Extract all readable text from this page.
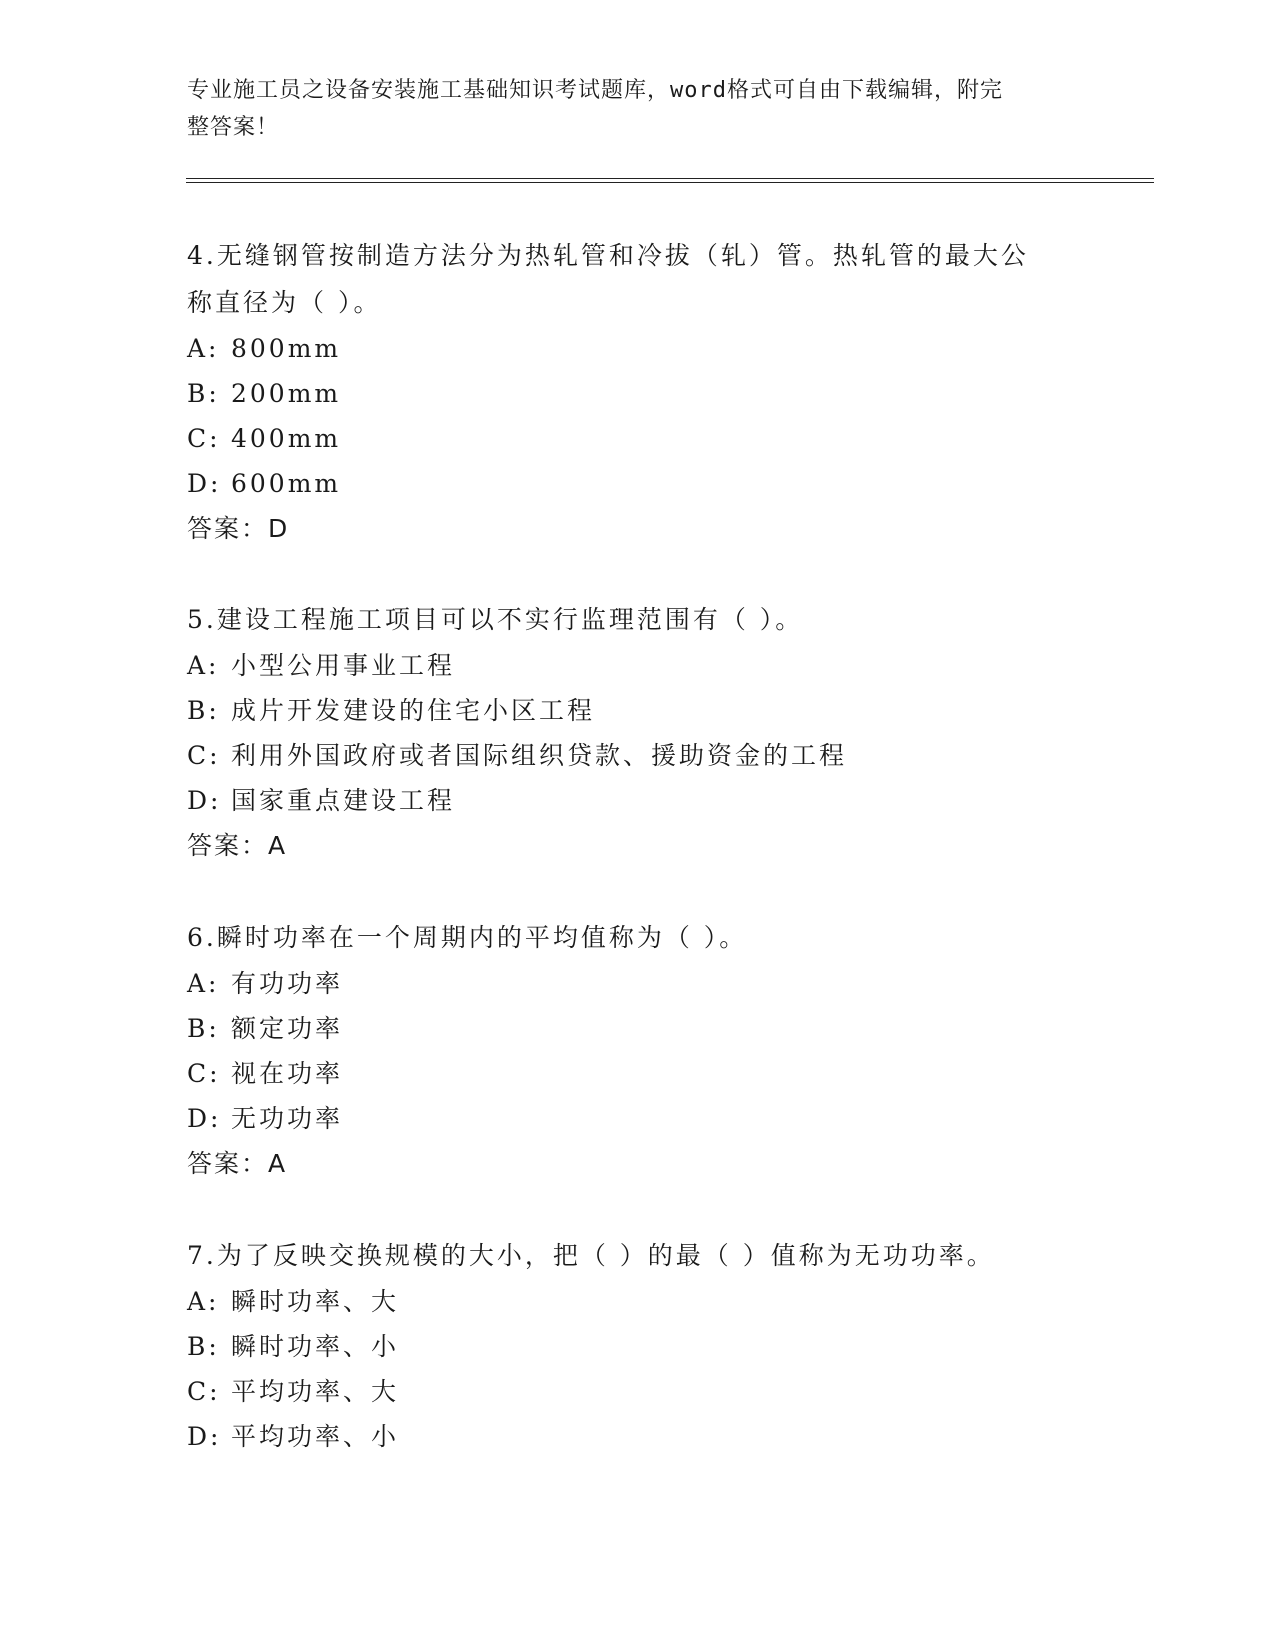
专业施工员之设备安装施工基础知识考试题库，word格式可自由下载编辑，附完
整答案！

4.无缝钢管按制造方法分为热轧管和冷拔（轧）管。热轧管的最大公

称直径为（ ）。

A: 800mm

B: 200mm

C: 400mm

D: 600mm

答案：D

5.建设工程施工项目可以不实行监理范围有（ ）。

A: 小型公用事业工程

B: 成片开发建设的住宅小区工程

C: 利用外国政府或者国际组织贷款、援助资金的工程

D: 国家重点建设工程

答案：A

6.瞬时功率在一个周期内的平均值称为（ ）。

A: 有功功率

B: 额定功率

C: 视在功率

D: 无功功率

答案：A

7.为了反映交换规模的大小，把（ ）的最（ ）值称为无功功率。

A: 瞬时功率、大

B: 瞬时功率、小

C: 平均功率、大

D: 平均功率、小
